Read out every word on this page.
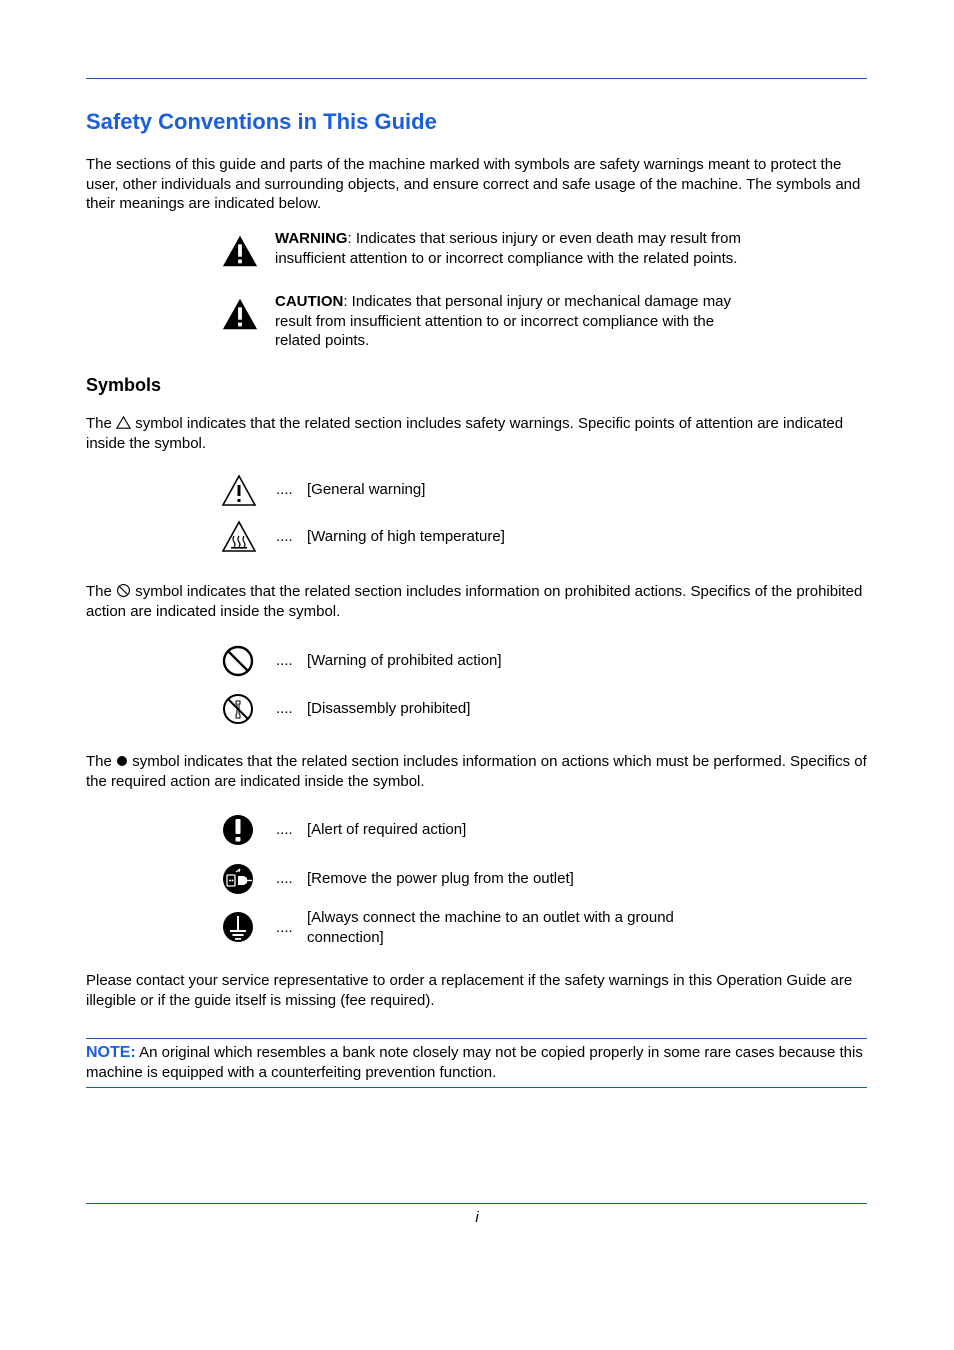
Safety Conventions in This Guide

The sections of this guide and parts of the machine marked with symbols are safety warnings meant to protect the user, other individuals and surrounding objects, and ensure correct and safe usage of the machine. The symbols and their meanings are indicated below.

WARNING: Indicates that serious injury or even death may result from insufficient attention to or incorrect compliance with the related points.

CAUTION: Indicates that personal injury or mechanical damage may result from insufficient attention to or incorrect compliance with the related points.

Symbols

The symbol indicates that the related section includes safety warnings. Specific points of attention are indicated inside the symbol.

.... [General warning]
.... [Warning of high temperature]

The symbol indicates that the related section includes information on prohibited actions. Specifics of the prohibited action are indicated inside the symbol.

.... [Warning of prohibited action]
.... [Disassembly prohibited]

The symbol indicates that the related section includes information on actions which must be performed. Specifics of the required action are indicated inside the symbol.

.... [Alert of required action]
.... [Remove the power plug from the outlet]
....
[Always connect the machine to an outlet with a ground connection]

Please contact your service representative to order a replacement if the safety warnings in this Operation Guide are illegible or if the guide itself is missing (fee required).

NOTE: An original which resembles a bank note closely may not be copied properly in some rare cases because this machine is equipped with a counterfeiting prevention function.

i
